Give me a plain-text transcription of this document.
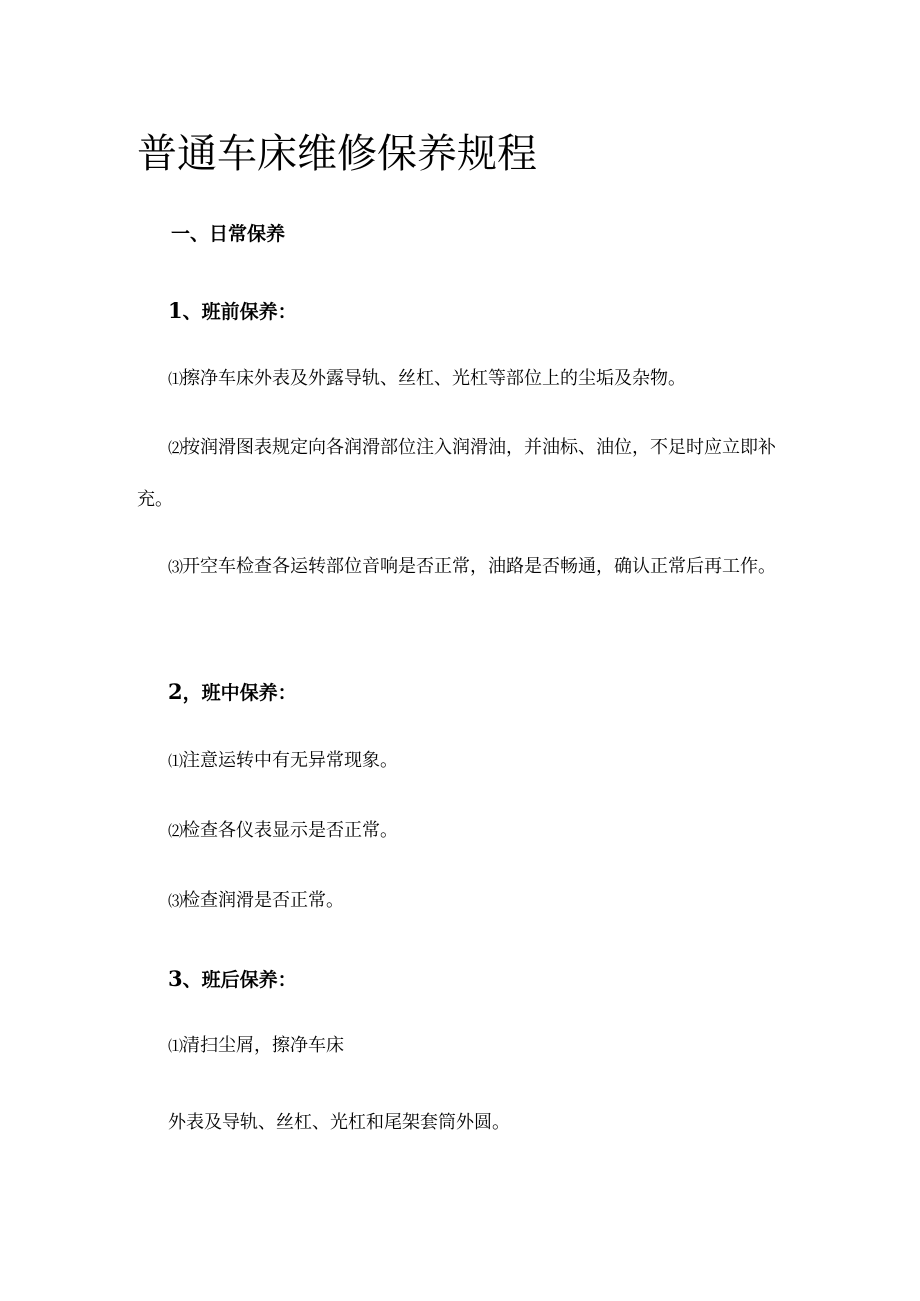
普通车床维修保养规程
一、日常保养
1、班前保养：
⑴擦净车床外表及外露导轨、丝杠、光杠等部位上的尘垢及杂物。
⑵按润滑图表规定向各润滑部位注入润滑油，并油标、油位，不足时应立即补充。
⑶开空车检查各运转部位音响是否正常，油路是否畅通，确认正常后再工作。
2，班中保养：
⑴注意运转中有无异常现象。
⑵检查各仪表显示是否正常。
⑶检查润滑是否正常。
3、班后保养：
⑴清扫尘屑，擦净车床
外表及导轨、丝杠、光杠和尾架套筒外圆。
